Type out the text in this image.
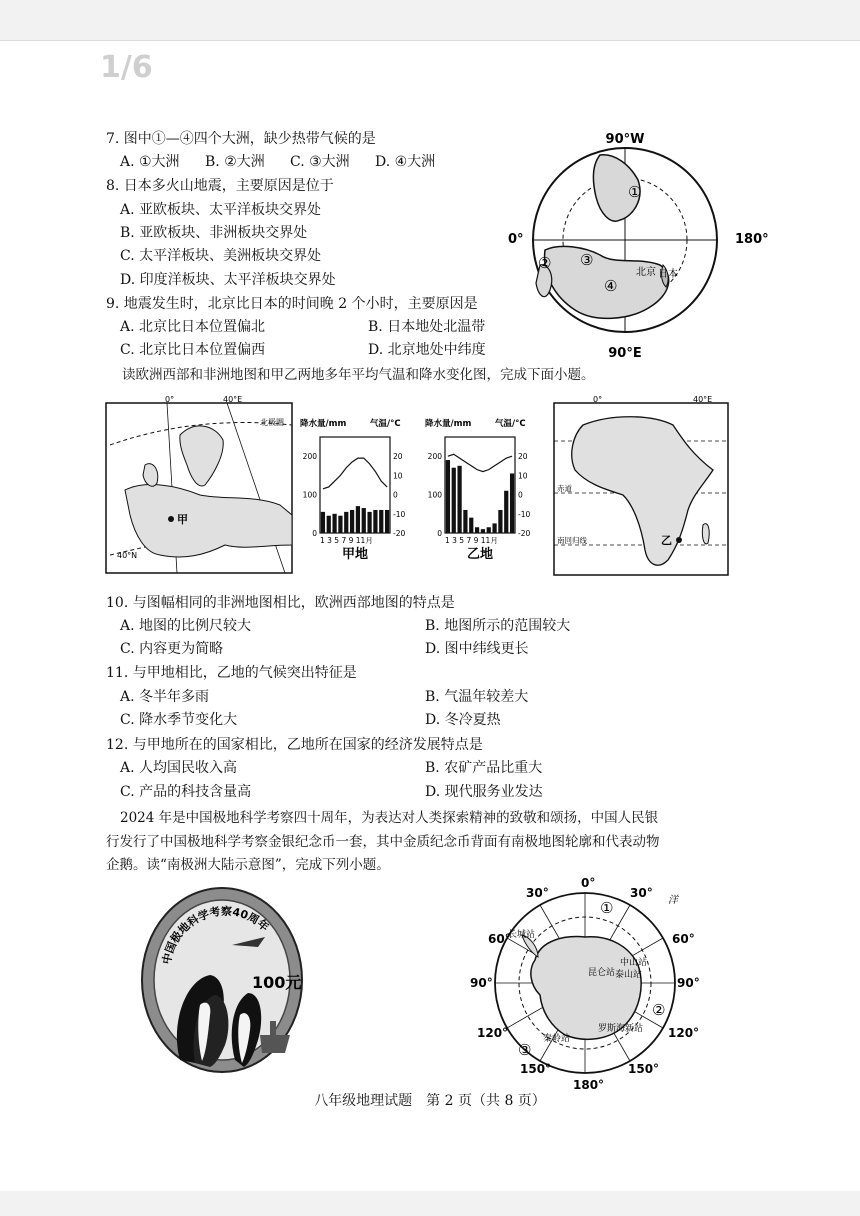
1/6
7. 图中①—④四个大洲，缺少热带气候的是
A. ①大洲 B. ②大洲 C. ③大洲 D. ④大洲
8. 日本多火山地震，主要原因是位于
A. 亚欧板块、太平洋板块交界处
B. 亚欧板块、非洲板块交界处
C. 太平洋板块、美洲板块交界处
D. 印度洋板块、太平洋板块交界处
9. 地震发生时，北京比日本的时间晚 2 个小时，主要原因是
A. 北京比日本位置偏北	B. 日本地处北温带
C. 北京比日本位置偏西	D. 北京地处中纬度
读欧洲西部和非洲地图和甲乙两地多年平均气温和降水变化图，完成下面小题。
90°W
0°	180°
90°E
①
② ③
④
北京 日本
0°	40°E
北极圈
40°N
甲
降水量/mm	气温/°C
200
100
0
20
10
0
-10
-20
1 3 5 7 9 11月
甲地
降水量/mm	气温/°C
200
100
0
20
10
0
-10
-20
1 3 5 7 9 11月
乙地
0°	40°E
赤道
南回归线	乙
10. 与图幅相同的非洲地图相比，欧洲西部地图的特点是
A. 地图的比例尺较大	B. 地图所示的范围较大
C. 内容更为简略	D. 图中纬线更长
11. 与甲地相比，乙地的气候突出特征是
A. 冬半年多雨	B. 气温年较差大
C. 降水季节变化大	D. 冬冷夏热
12. 与甲地所在的国家相比，乙地所在国家的经济发展特点是
A. 人均国民收入高	B. 农矿产品比重大
C. 产品的科技含量高	D. 现代服务业发达
2024 年是中国极地科学考察四十周年，为表达对人类探索精神的致敬和颂扬，中国人民银
行发行了中国极地科学考察金银纪念币一套，其中金质纪念币背面有南极地图轮廓和代表动物
企鹅。读“南极洲大陆示意图”，完成下列小题。
中国极地科学考察40周年
100元
0°
30°	30°
60°	60°
90°	90°
120°	120°
150°	150°
180°
洋
①
②
③
长城站
中山站
昆仑站 泰山站
秦岭站
罗斯海新站
八年级地理试题　第 2 页（共 8 页）
